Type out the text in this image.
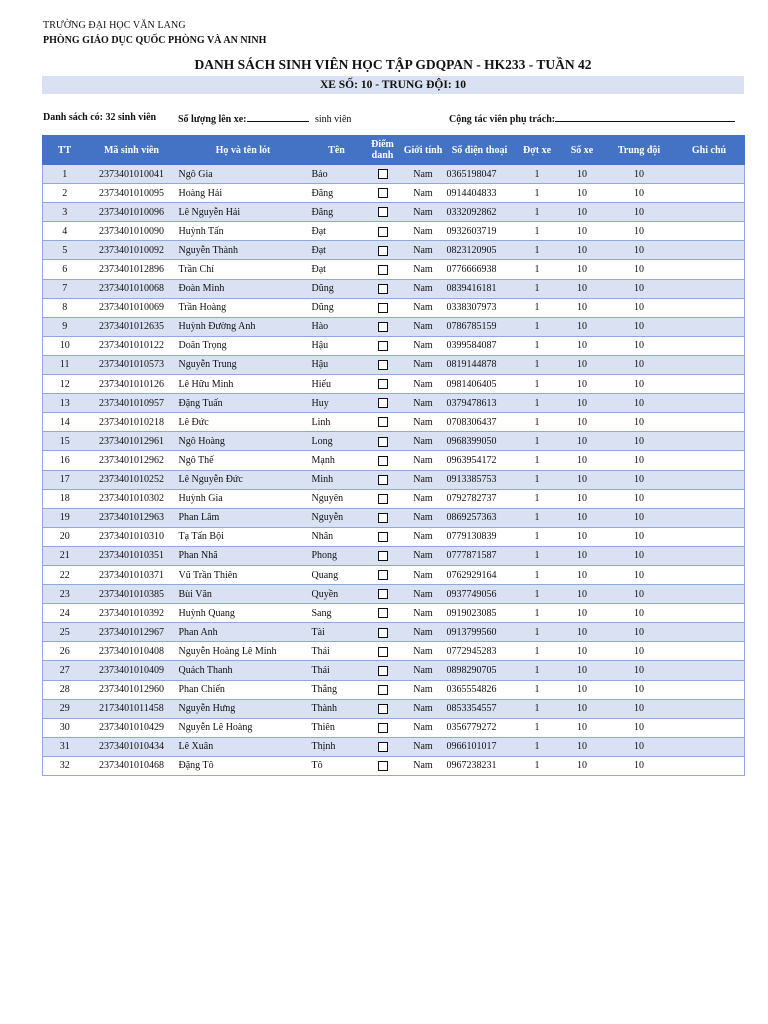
TRƯỜNG ĐẠI HỌC VĂN LANG
PHÒNG GIÁO DỤC QUỐC PHÒNG VÀ AN NINH
DANH SÁCH SINH VIÊN HỌC TẬP GDQPAN - HK233 - TUẦN 42
XE SỐ: 10 - TRUNG ĐỘI: 10
Danh sách có: 32 sinh viên Số lượng lên xe:	sinh viên	Cộng tác viên phụ trách:
TT	Mã sinh viên	Họ và tên lót	Tên	Điểm danh	Giới tính	Số điện thoại	Đợt xe	Số xe	Trung đội	Ghi chú
1	2373401010041	Ngô Gia	Bảo		Nam	0365198047	1	10	10	
2	2373401010095	Hoàng Hải	Đăng		Nam	0914404833	1	10	10	
3	2373401010096	Lê Nguyễn Hải	Đăng		Nam	0332092862	1	10	10	
4	2373401010090	Huỳnh Tấn	Đạt		Nam	0932603719	1	10	10	
5	2373401010092	Nguyễn Thành	Đạt		Nam	0823120905	1	10	10	
6	2373401012896	Trần Chí	Đạt		Nam	0776666938	1	10	10	
7	2373401010068	Đoàn Minh	Dũng		Nam	0839416181	1	10	10	
8	2373401010069	Trần Hoàng	Dũng		Nam	0338307973	1	10	10	
9	2373401012635	Huỳnh Đường Anh	Hào		Nam	0786785159	1	10	10	
10	2373401010122	Doãn Trọng	Hậu		Nam	0399584087	1	10	10	
11	2373401010573	Nguyễn Trung	Hậu		Nam	0819144878	1	10	10	
12	2373401010126	Lê Hữu Minh	Hiếu		Nam	0981406405	1	10	10	
13	2373401010957	Đặng Tuấn	Huy		Nam	0379478613	1	10	10	
14	2373401010218	Lê Đức	Linh		Nam	0708306437	1	10	10	
15	2373401012961	Ngô Hoàng	Long		Nam	0968399050	1	10	10	
16	2373401012962	Ngô Thế	Mạnh		Nam	0963954172	1	10	10	
17	2373401010252	Lê Nguyễn Đức	Minh		Nam	0913385753	1	10	10	
18	2373401010302	Huỳnh Gia	Nguyên		Nam	0792782737	1	10	10	
19	2373401012963	Phan Lâm	Nguyễn		Nam	0869257363	1	10	10	
20	2373401010310	Tạ Tấn Bội	Nhân		Nam	0779130839	1	10	10	
21	2373401010351	Phan Nhã	Phong		Nam	0777871587	1	10	10	
22	2373401010371	Vũ Trần Thiên	Quang		Nam	0762929164	1	10	10	
23	2373401010385	Bùi Văn	Quyền		Nam	0937749056	1	10	10	
24	2373401010392	Huỳnh Quang	Sang		Nam	0919023085	1	10	10	
25	2373401012967	Phan Anh	Tài		Nam	0913799560	1	10	10	
26	2373401010408	Nguyễn Hoàng Lê Minh	Thái		Nam	0772945283	1	10	10	
27	2373401010409	Quách Thanh	Thái		Nam	0898290705	1	10	10	
28	2373401012960	Phan Chiến	Thắng		Nam	0365554826	1	10	10	
29	2173401011458	Nguyễn Hưng	Thành		Nam	0853354557	1	10	10	
30	2373401010429	Nguyễn Lê Hoàng	Thiên		Nam	0356779272	1	10	10	
31	2373401010434	Lê Xuân	Thịnh		Nam	0966101017	1	10	10	
32	2373401010468	Đặng Tô	Tô		Nam	0967238231	1	10	10	
